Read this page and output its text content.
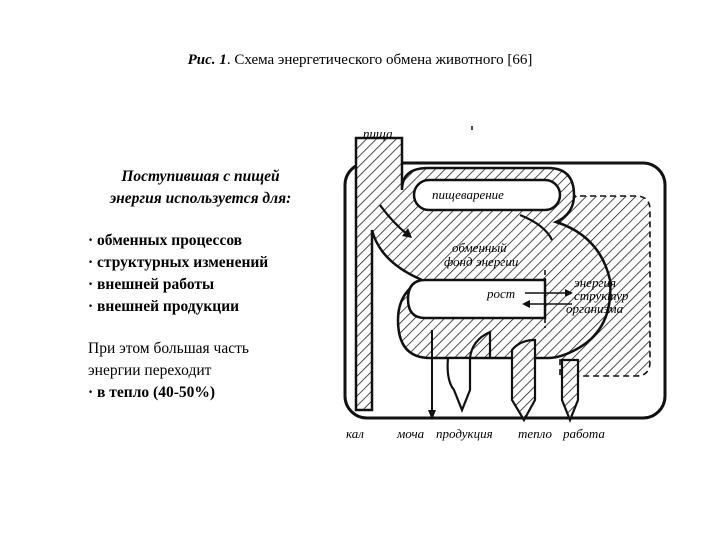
Рис. 1. Схема энергетического обмена животного [66]
Поступившая с пищей
энергия используется для:
· обменных процессов
· структурных изменений
· внешней работы
· внешней продукции
При этом большая часть
энергии переходит
· в тепло (40-50%)
пища
пищеварение
обменный
фонд энергии
рост
энергия
структур
организма
кал	моча продукция тепло работа
